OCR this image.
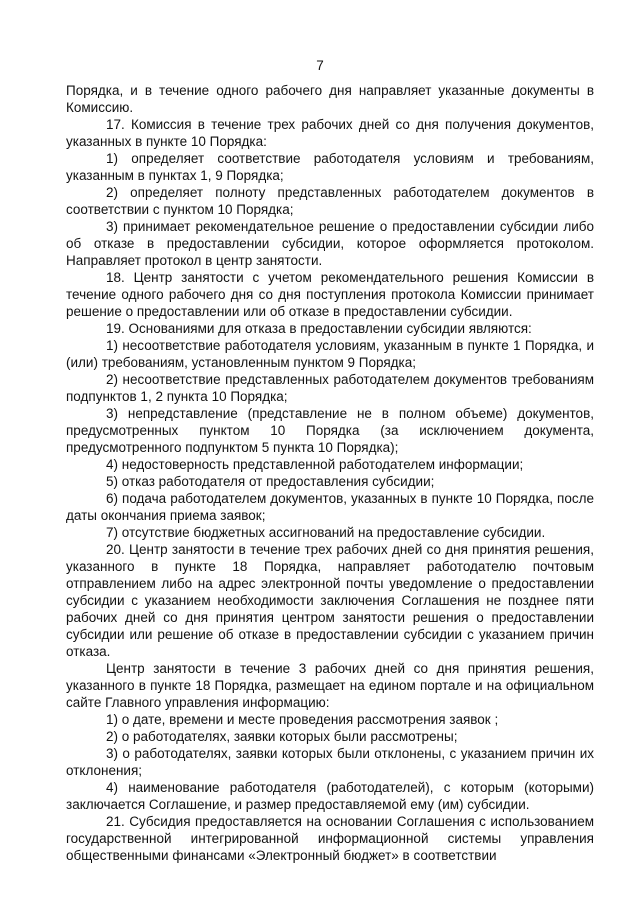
7

Порядка, и в течение одного рабочего дня направляет указанные документы в Комиссию.

17. Комиссия в течение трех рабочих дней со дня получения документов, указанных в пункте 10 Порядка:

1) определяет соответствие работодателя условиям и требованиям, указанным в пунктах 1, 9 Порядка;

2) определяет полноту представленных работодателем документов в соответствии с пунктом 10 Порядка;

3) принимает рекомендательное решение о предоставлении субсидии либо об отказе в предоставлении субсидии, которое оформляется протоколом. Направляет протокол в центр занятости.

18. Центр занятости с учетом рекомендательного решения Комиссии в течение одного рабочего дня со дня поступления протокола Комиссии принимает решение о предоставлении или об отказе в предоставлении субсидии.

19. Основаниями для отказа в предоставлении субсидии являются:

1) несоответствие работодателя условиям, указанным в пункте 1 Порядка, и (или) требованиям, установленным пунктом 9 Порядка;

2) несоответствие представленных работодателем документов требованиям подпунктов 1, 2 пункта 10 Порядка;

3) непредставление (представление не в полном объеме) документов, предусмотренных пунктом 10 Порядка (за исключением документа, предусмотренного подпунктом 5 пункта 10 Порядка);

4) недостоверность представленной работодателем информации;

5) отказ работодателя от предоставления субсидии;

6) подача работодателем документов, указанных в пункте 10 Порядка, после даты окончания приема заявок;

7) отсутствие бюджетных ассигнований на предоставление субсидии.

20. Центр занятости в течение трех рабочих дней со дня принятия решения, указанного в пункте 18 Порядка, направляет работодателю почтовым отправлением либо на адрес электронной почты уведомление о предоставлении субсидии с указанием необходимости заключения Соглашения не позднее пяти рабочих дней со дня принятия центром занятости решения о предоставлении субсидии или решение об отказе в предоставлении субсидии с указанием причин отказа.

Центр занятости в течение 3 рабочих дней со дня принятия решения, указанного в пункте 18 Порядка, размещает на едином портале и на официальном сайте Главного управления информацию:

1) о дате, времени и месте проведения рассмотрения заявок ;

2) о работодателях, заявки которых были рассмотрены;

3) о работодателях, заявки которых были отклонены, с указанием причин их отклонения;

4) наименование работодателя (работодателей), с которым (которыми) заключается Соглашение, и размер предоставляемой ему (им) субсидии.

21. Субсидия предоставляется на основании Соглашения с использованием государственной интегрированной информационной системы управления общественными финансами «Электронный бюджет» в соответствии
